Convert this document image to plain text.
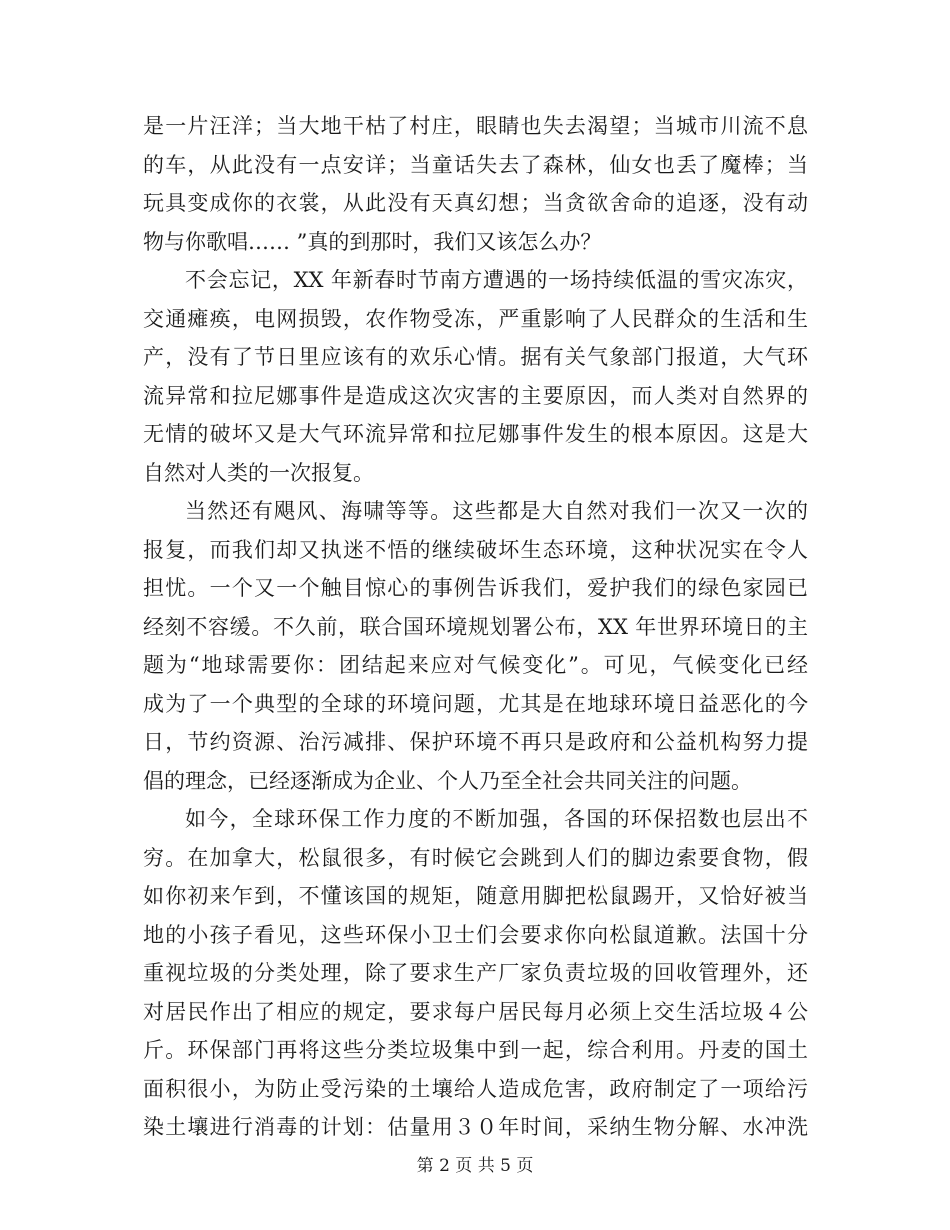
是一片汪洋；当大地干枯了村庄，眼睛也失去渴望；当城市川流不息
的车，从此没有一点安详；当童话失去了森林，仙女也丢了魔棒；当
玩具变成你的衣裳，从此没有天真幻想；当贪欲舍命的追逐，没有动
物与你歌唱…… ”真的到那时，我们又该怎么办？
不会忘记，XX 年新春时节南方遭遇的一场持续低温的雪灾冻灾，
交通瘫痪，电网损毁，农作物受冻，严重影响了人民群众的生活和生
产，没有了节日里应该有的欢乐心情。据有关气象部门报道，大气环
流异常和拉尼娜事件是造成这次灾害的主要原因，而人类对自然界的
无情的破坏又是大气环流异常和拉尼娜事件发生的根本原因。这是大
自然对人类的一次报复。
当然还有飓风、海啸等等。这些都是大自然对我们一次又一次的
报复，而我们却又执迷不悟的继续破坏生态环境，这种状况实在令人
担忧。一个又一个触目惊心的事例告诉我们，爱护我们的绿色家园已
经刻不容缓。不久前，联合国环境规划署公布，XX 年世界环境日的主
题为“地球需要你：团结起来应对气候变化”。可见，气候变化已经
成为了一个典型的全球的环境问题，尤其是在地球环境日益恶化的今
日，节约资源、治污减排、保护环境不再只是政府和公益机构努力提
倡的理念，已经逐渐成为企业、个人乃至全社会共同关注的问题。
如今，全球环保工作力度的不断加强，各国的环保招数也层出不
穷。在加拿大，松鼠很多，有时候它会跳到人们的脚边索要食物，假
如你初来乍到，不懂该国的规矩，随意用脚把松鼠踢开，又恰好被当
地的小孩子看见，这些环保小卫士们会要求你向松鼠道歉。法国十分
重视垃圾的分类处理，除了要求生产厂家负责垃圾的回收管理外，还
对居民作出了相应的规定，要求每户居民每月必须上交生活垃圾４公
斤。环保部门再将这些分类垃圾集中到一起，综合利用。丹麦的国土
面积很小，为防止受污染的土壤给人造成危害，政府制定了一项给污
染土壤进行消毒的计划：估量用３０年时间，采纳生物分解、水冲洗
第 2 页 共 5 页
